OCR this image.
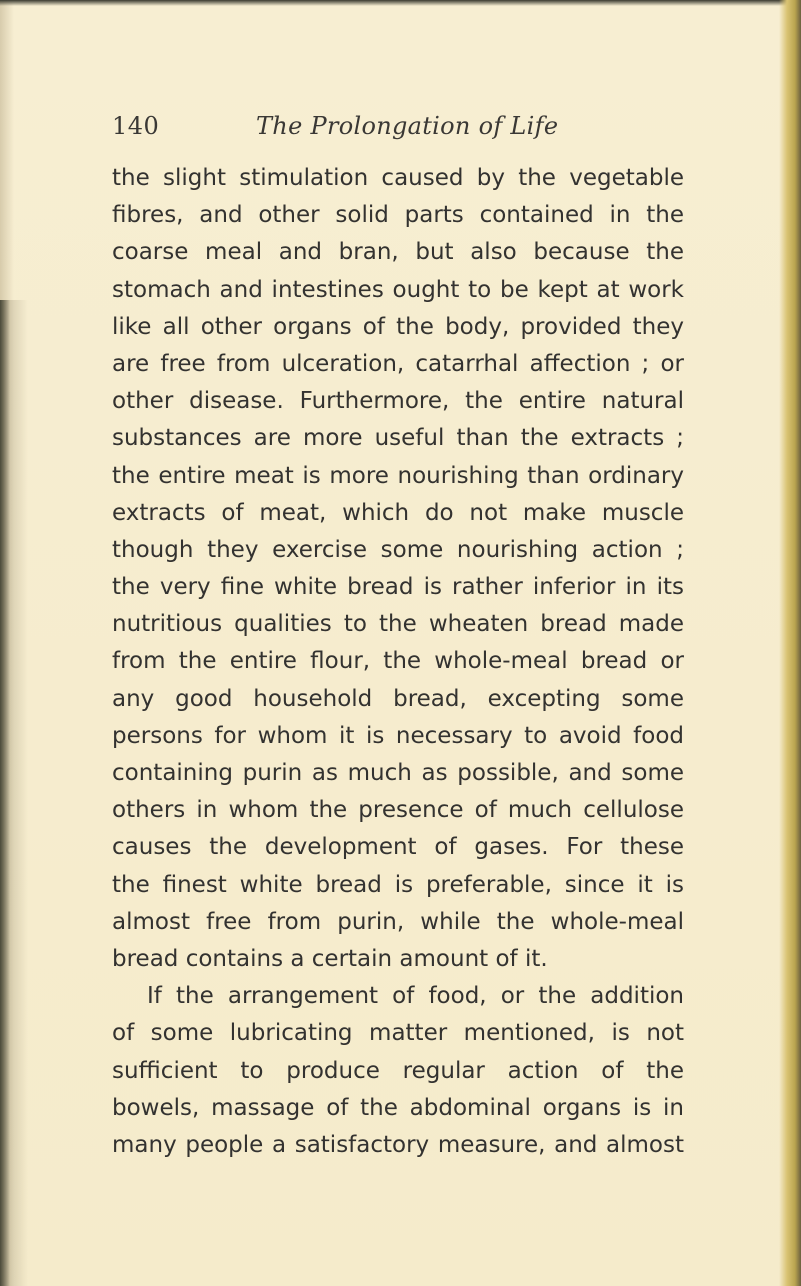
140	The Prolongation of Life
the slight stimulation caused by the vegetable
fibres, and other solid parts contained in the
coarse meal and bran, but also because the
stomach and intestines ought to be kept at work
like all other organs of the body, provided they
are free from ulceration, catarrhal affection ; or
other disease. Furthermore, the entire natural
substances are more useful than the extracts ;
the entire meat is more nourishing than ordinary
extracts of meat, which do not make muscle
though they exercise some nourishing action ;
the very fine white bread is rather inferior in its
nutritious qualities to the wheaten bread made
from the entire flour, the whole-meal bread or
any good household bread, excepting some
persons for whom it is necessary to avoid food
containing purin as much as possible, and some
others in whom the presence of much cellulose
causes the development of gases. For these
the finest white bread is preferable, since it is
almost free from purin, while the whole-meal
bread contains a certain amount of it.
If the arrangement of food, or the addition
of some lubricating matter mentioned, is not
sufficient to produce regular action of the
bowels, massage of the abdominal organs is in
many people a satisfactory measure, and almost
